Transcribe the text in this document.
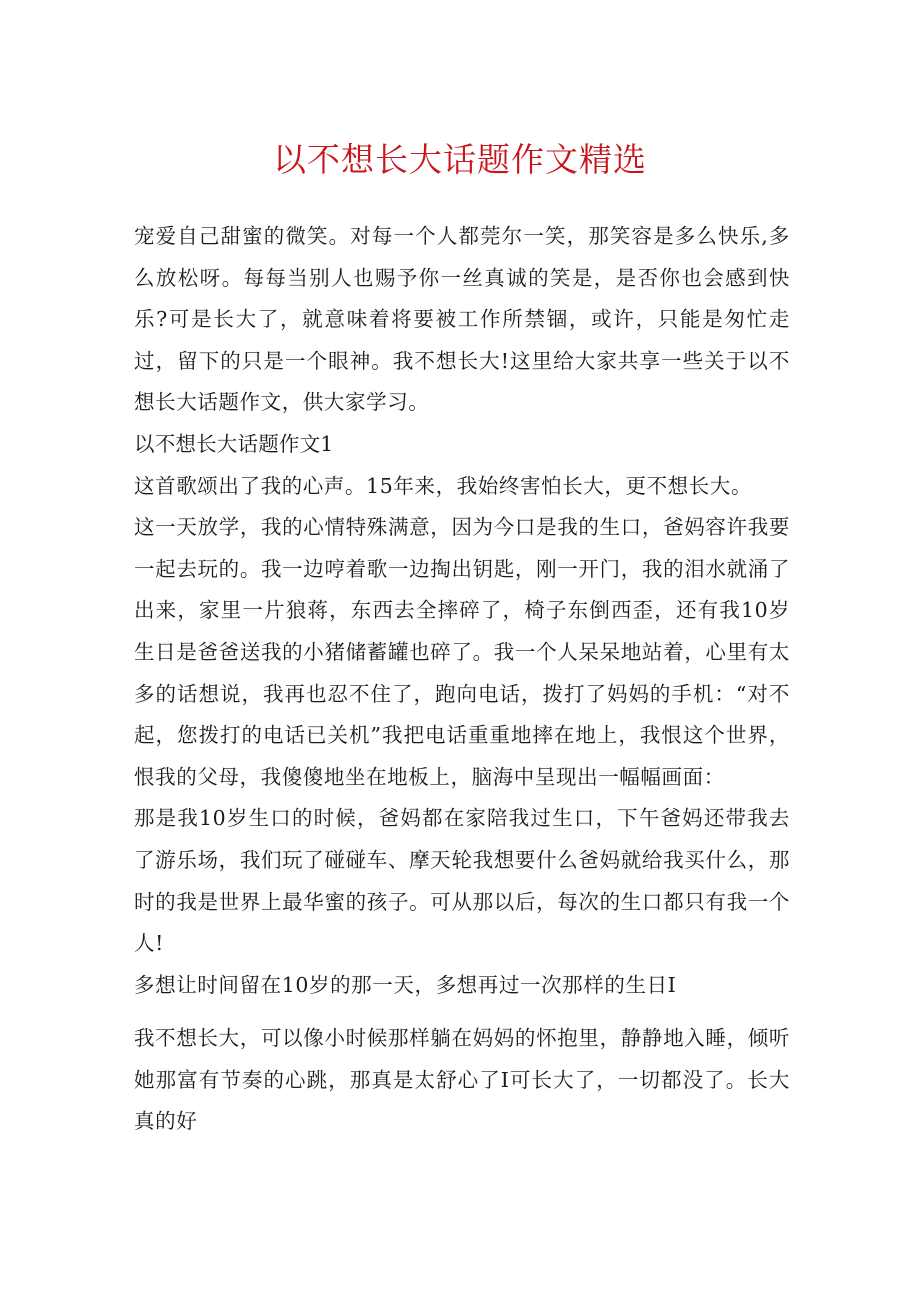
以不想长大话题作文精选

宠爱自己甜蜜的微笑。对每一个人都莞尔一笑，那笑容是多么快乐,多么放松呀。每每当别人也赐予你一丝真诚的笑是，是否你也会感到快乐?可是长大了，就意味着将要被工作所禁锢，或许，只能是匆忙走过，留下的只是一个眼神。我不想长大!这里给大家共享一些关于以不想长大话题作文，供大家学习。

以不想长大话题作文1

这首歌颂出了我的心声。15年来，我始终害怕长大，更不想长大。

这一天放学，我的心情特殊满意，因为今口是我的生口，爸妈容许我要一起去玩的。我一边哼着歌一边掏出钥匙，刚一开门，我的泪水就涌了出来，家里一片狼蒋，东西去全摔碎了，椅子东倒西歪，还有我10岁生日是爸爸送我的小猪储蓄罐也碎了。我一个人呆呆地站着，心里有太多的话想说，我再也忍不住了，跑向电话，拨打了妈妈的手机：“对不起，您拨打的电话已关机”我把电话重重地摔在地上，我恨这个世界，恨我的父母，我傻傻地坐在地板上，脑海中呈现出一幅幅画面：

那是我10岁生口的时候，爸妈都在家陪我过生口，下午爸妈还带我去了游乐场，我们玩了碰碰车、摩天轮我想要什么爸妈就给我买什么，那时的我是世界上最华蜜的孩子。可从那以后，每次的生口都只有我一个人!

多想让时间留在10岁的那一天，多想再过一次那样的生日I

我不想长大，可以像小时候那样躺在妈妈的怀抱里，静静地入睡，倾听她那富有节奏的心跳，那真是太舒心了I可长大了，一切都没了。长大真的好
